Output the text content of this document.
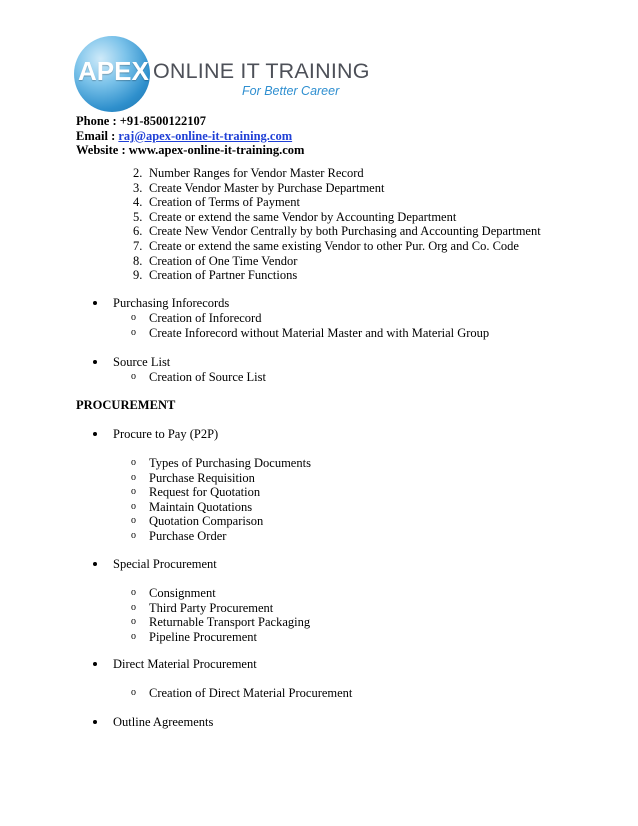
APEX ONLINE IT TRAINING
For Better Career
Phone : +91-8500122107
Email : raj@apex-online-it-training.com
Website : www.apex-online-it-training.com
2. Number Ranges for Vendor Master Record
3. Create Vendor Master by Purchase Department
4. Creation of Terms of Payment
5. Create or extend the same Vendor by Accounting Department
6. Create New Vendor Centrally by both Purchasing and Accounting Department
7. Create or extend the same existing Vendor to other Pur. Org and Co. Code
8. Creation of One Time Vendor
9. Creation of Partner Functions
Purchasing Inforecords
o Creation of Inforecord
o Create Inforecord without Material Master and with Material Group
Source List
o Creation of Source List
PROCUREMENT
Procure to Pay (P2P)
o Types of Purchasing Documents
o Purchase Requisition
o Request for Quotation
o Maintain Quotations
o Quotation Comparison
o Purchase Order
Special Procurement
o Consignment
o Third Party Procurement
o Returnable Transport Packaging
o Pipeline Procurement
Direct Material Procurement
o Creation of Direct Material Procurement
Outline Agreements
